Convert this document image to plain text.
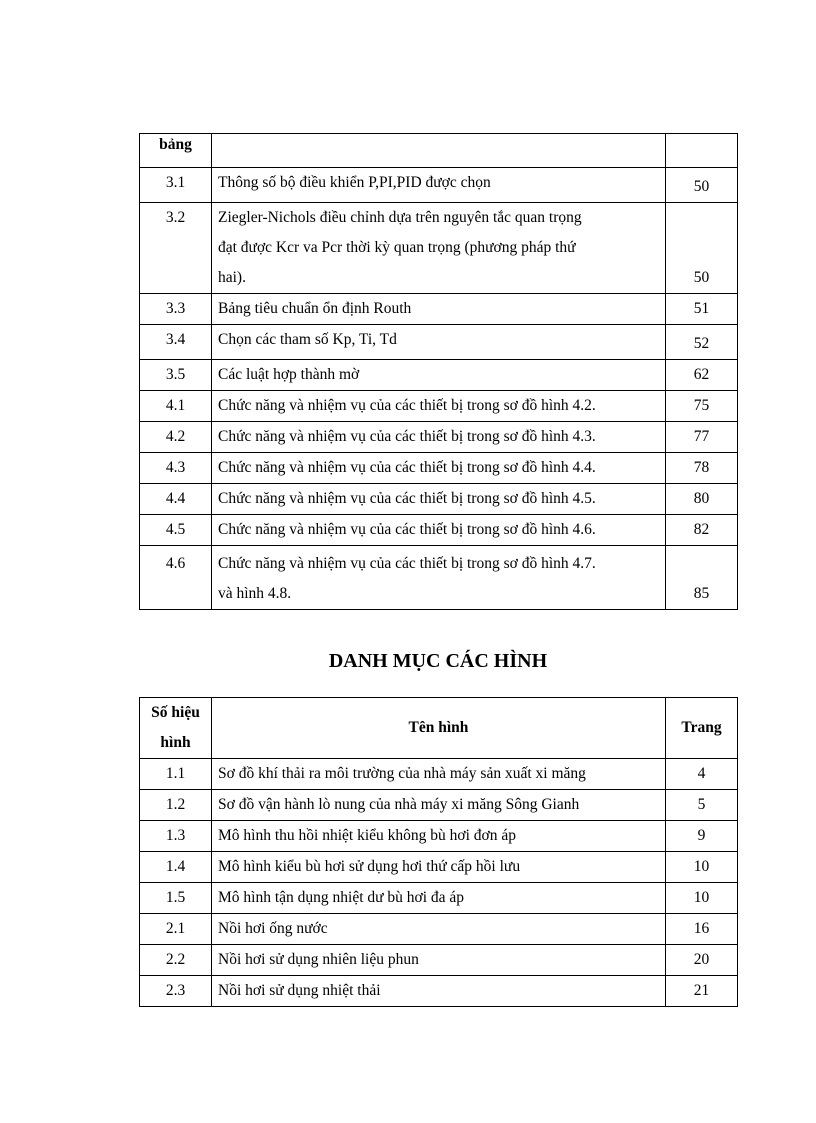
bảng		
3.1	Thông số bộ điều khiển P,PI,PID được chọn	50
3.2	Ziegler-Nichols điều chỉnh dựa trên nguyên tắc quan trọng
đạt được Kcr va Pcr thời kỳ quan trọng (phương pháp thứ
hai).	50
3.3	Bảng tiêu chuẩn ổn định Routh	51
3.4	Chọn các tham số Kp, Ti, Td	52
3.5	Các luật hợp thành mờ	62
4.1	Chức năng và nhiệm vụ của các thiết bị trong sơ đồ hình 4.2.	75
4.2	Chức năng và nhiệm vụ của các thiết bị trong sơ đồ hình 4.3.	77
4.3	Chức năng và nhiệm vụ của các thiết bị trong sơ đồ hình 4.4.	78
4.4	Chức năng và nhiệm vụ của các thiết bị trong sơ đồ hình 4.5.	80
4.5	Chức năng và nhiệm vụ của các thiết bị trong sơ đồ hình 4.6.	82
4.6	Chức năng và nhiệm vụ của các thiết bị trong sơ đồ hình 4.7.
và hình 4.8.	85
DANH MỤC CÁC HÌNH
Số hiệu
hình	Tên hình	Trang
1.1	Sơ đồ khí thải ra môi trường của nhà máy sản xuất xi măng	4
1.2	Sơ đồ vận hành lò nung của nhà máy xi măng Sông Gianh	5
1.3	Mô hình thu hồi nhiệt kiểu không bù hơi đơn áp	9
1.4	Mô hình kiểu bù hơi sử dụng hơi thứ cấp hồi lưu	10
1.5	Mô hình tận dụng nhiệt dư bù hơi đa áp	10
2.1	Nồi hơi ống nước	16
2.2	Nồi hơi sử dụng nhiên liệu phun	20
2.3	Nồi hơi sử dụng nhiệt thải	21
